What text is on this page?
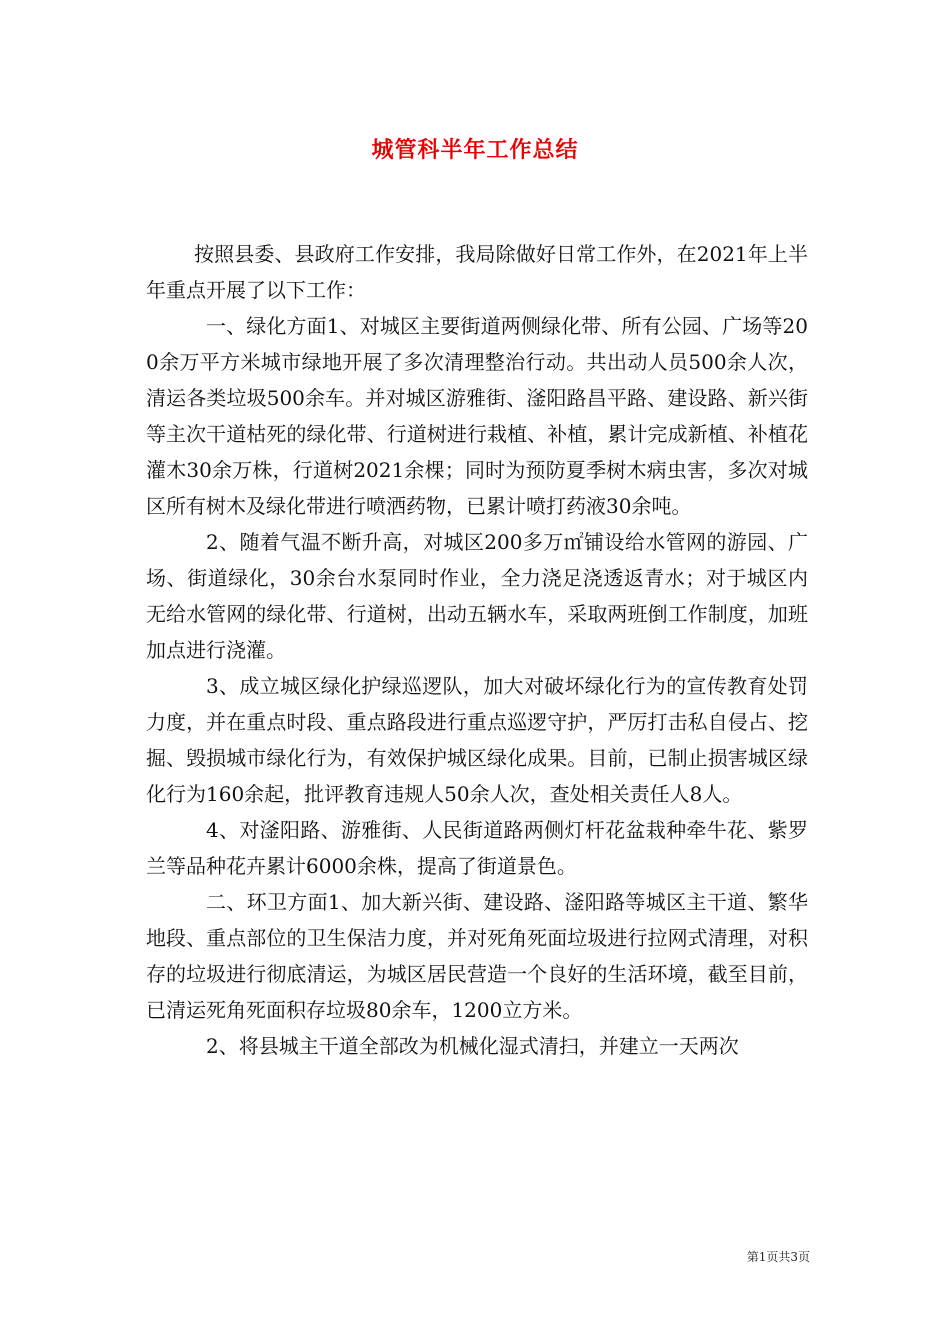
城管科半年工作总结

按照县委、县政府工作安排，我局除做好日常工作外，在2021年上半年重点开展了以下工作：

一、绿化方面1、对城区主要街道两侧绿化带、所有公园、广场等200余万平方米城市绿地开展了多次清理整治行动。共出动人员500余人次，清运各类垃圾500余车。并对城区游雅街、滏阳路昌平路、建设路、新兴街等主次干道枯死的绿化带、行道树进行栽植、补植，累计完成新植、补植花灌木30余万株，行道树2021余棵；同时为预防夏季树木病虫害，多次对城区所有树木及绿化带进行喷洒药物，已累计喷打药液30余吨。

2、随着气温不断升高，对城区200多万㎡铺设给水管网的游园、广场、街道绿化，30余台水泵同时作业，全力浇足浇透返青水；对于城区内无给水管网的绿化带、行道树，出动五辆水车，采取两班倒工作制度，加班加点进行浇灌。

3、成立城区绿化护绿巡逻队，加大对破坏绿化行为的宣传教育处罚力度，并在重点时段、重点路段进行重点巡逻守护，严厉打击私自侵占、挖掘、毁损城市绿化行为，有效保护城区绿化成果。目前，已制止损害城区绿化行为160余起，批评教育违规人50余人次，查处相关责任人8人。

4、对滏阳路、游雅街、人民街道路两侧灯杆花盆栽种牵牛花、紫罗兰等品种花卉累计6000余株，提高了街道景色。

二、环卫方面1、加大新兴街、建设路、滏阳路等城区主干道、繁华地段、重点部位的卫生保洁力度，并对死角死面垃圾进行拉网式清理，对积存的垃圾进行彻底清运，为城区居民营造一个良好的生活环境，截至目前，已清运死角死面积存垃圾80余车，1200立方米。

2、将县城主干道全部改为机械化湿式清扫，并建立一天两次

第1页共3页
